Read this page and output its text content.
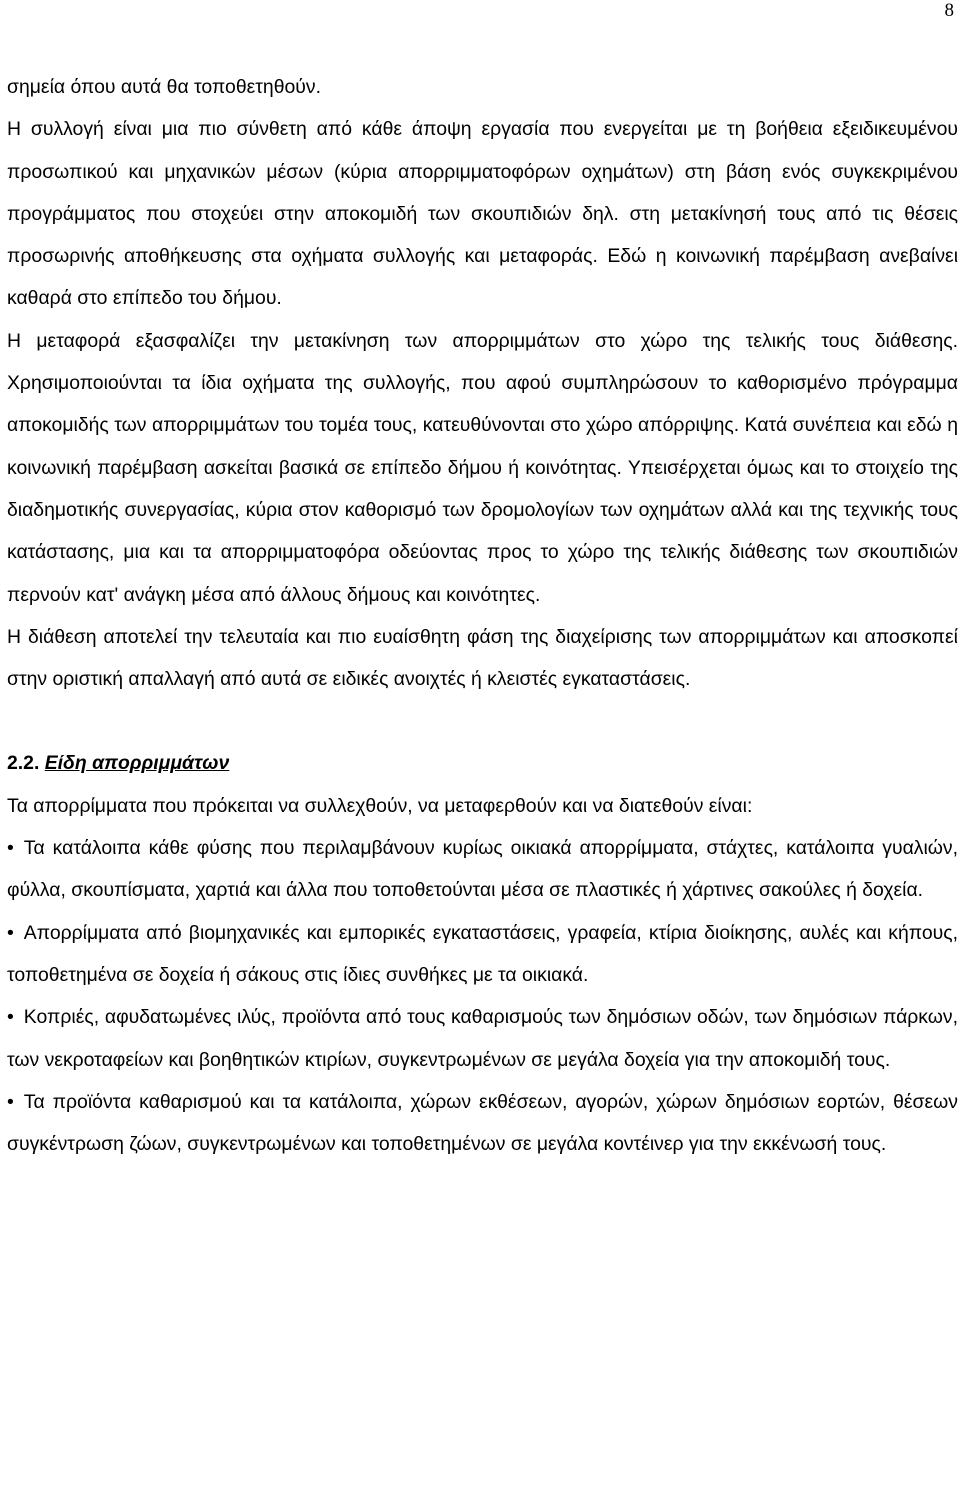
8

σημεία όπου αυτά θα τοποθετηθούν.

Η συλλογή είναι μια πιο σύνθετη από κάθε άποψη εργασία που ενεργείται με τη βοήθεια εξειδικευμένου προσωπικού και μηχανικών μέσων (κύρια απορριμματοφόρων οχημάτων) στη βάση ενός συγκεκριμένου προγράμματος που στοχεύει στην αποκομιδή των σκουπιδιών δηλ. στη μετακίνησή τους από τις θέσεις προσωρινής αποθήκευσης στα οχήματα συλλογής και μεταφοράς. Εδώ η κοινωνική παρέμβαση ανεβαίνει καθαρά στο επίπεδο του δήμου.

Η μεταφορά εξασφαλίζει την μετακίνηση των απορριμμάτων στο χώρο της τελικής τους διάθεσης. Χρησιμοποιούνται τα ίδια οχήματα της συλλογής, που αφού συμπληρώσουν το καθορισμένο πρόγραμμα αποκομιδής των απορριμμάτων του τομέα τους, κατευθύνονται στο χώρο απόρριψης. Κατά συνέπεια και εδώ η κοινωνική παρέμβαση ασκείται βασικά σε επίπεδο δήμου ή κοινότητας. Υπεισέρχεται όμως και το στοιχείο της διαδημοτικής συνεργασίας, κύρια στον καθορισμό των δρομολογίων των οχημάτων αλλά και της τεχνικής τους κατάστασης, μια και τα απορριμματοφόρα οδεύοντας προς το χώρο της τελικής διάθεσης των σκουπιδιών περνούν κατ' ανάγκη μέσα από άλλους δήμους και κοινότητες.

Η διάθεση αποτελεί την τελευταία και πιο ευαίσθητη φάση της διαχείρισης των απορριμμάτων και αποσκοπεί στην οριστική απαλλαγή από αυτά σε ειδικές ανοιχτές ή κλειστές εγκαταστάσεις.

2.2. Είδη απορριμμάτων

Τα απορρίμματα που πρόκειται να συλλεχθούν, να μεταφερθούν και να διατεθούν είναι:

• Τα κατάλοιπα κάθε φύσης που περιλαμβάνουν κυρίως οικιακά απορρίμματα, στάχτες, κατάλοιπα γυαλιών, φύλλα, σκουπίσματα, χαρτιά και άλλα που τοποθετούνται μέσα σε πλαστικές ή χάρτινες σακούλες ή δοχεία.

• Απορρίμματα από βιομηχανικές και εμπορικές εγκαταστάσεις, γραφεία, κτίρια διοίκησης, αυλές και κήπους, τοποθετημένα σε δοχεία ή σάκους στις ίδιες συνθήκες με τα οικιακά.

• Κοπριές, αφυδατωμένες ιλύς, προϊόντα από τους καθαρισμούς των δημόσιων οδών, των δημόσιων πάρκων, των νεκροταφείων και βοηθητικών κτιρίων, συγκεντρωμένων σε μεγάλα δοχεία για την αποκομιδή τους.

• Τα προϊόντα καθαρισμού και τα κατάλοιπα, χώρων εκθέσεων, αγορών, χώρων δημόσιων εορτών, θέσεων συγκέντρωση ζώων, συγκεντρωμένων και τοποθετημένων σε μεγάλα κοντέινερ για την εκκένωσή τους.
